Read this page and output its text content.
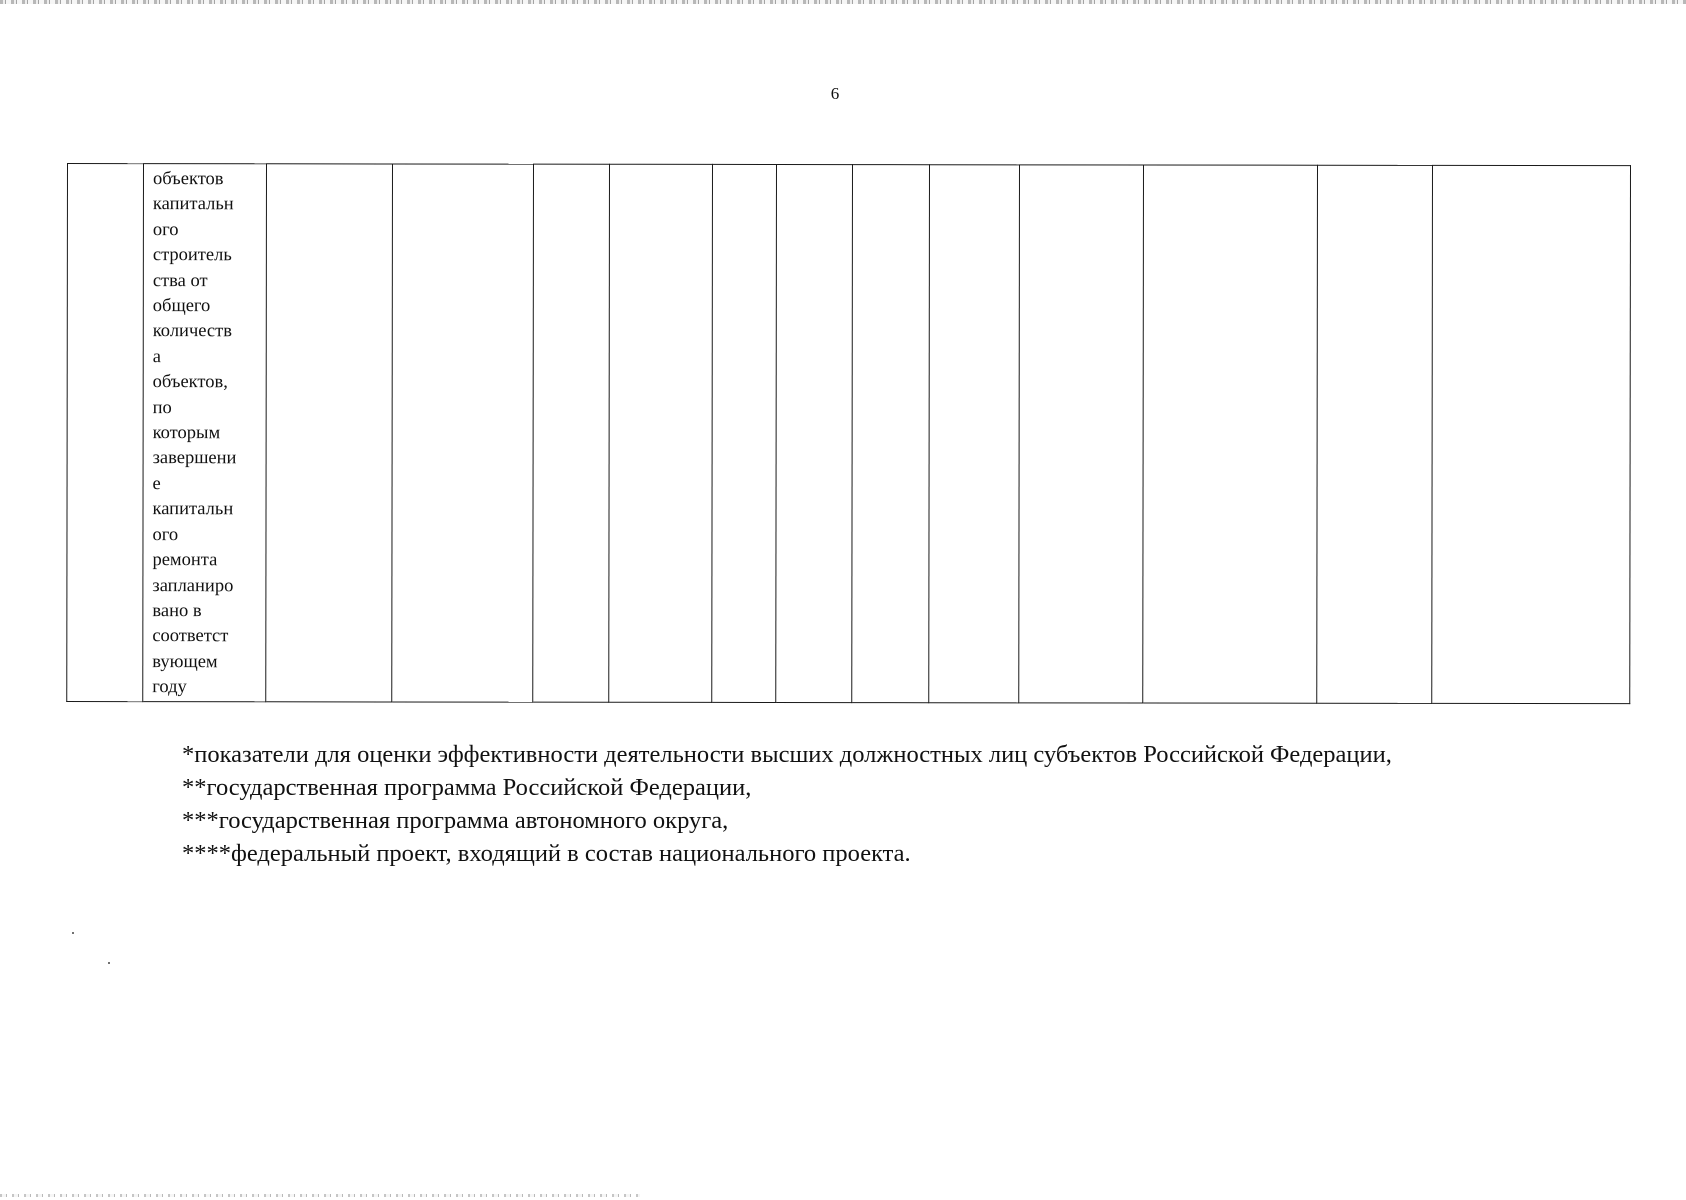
6

объектов
капитальн
ого
строитель
ства от
общего
количеств
а
объектов,
по
которым
завершени
е
капитальн
ого
ремонта
запланиро
вано в
соответст
вующем
году

*показатели для оценки эффективности деятельности высших должностных лиц субъектов Российской Федерации,

**государственная программа Российской Федерации,

***государственная программа автономного округа,

****федеральный проект, входящий в состав национального проекта.
